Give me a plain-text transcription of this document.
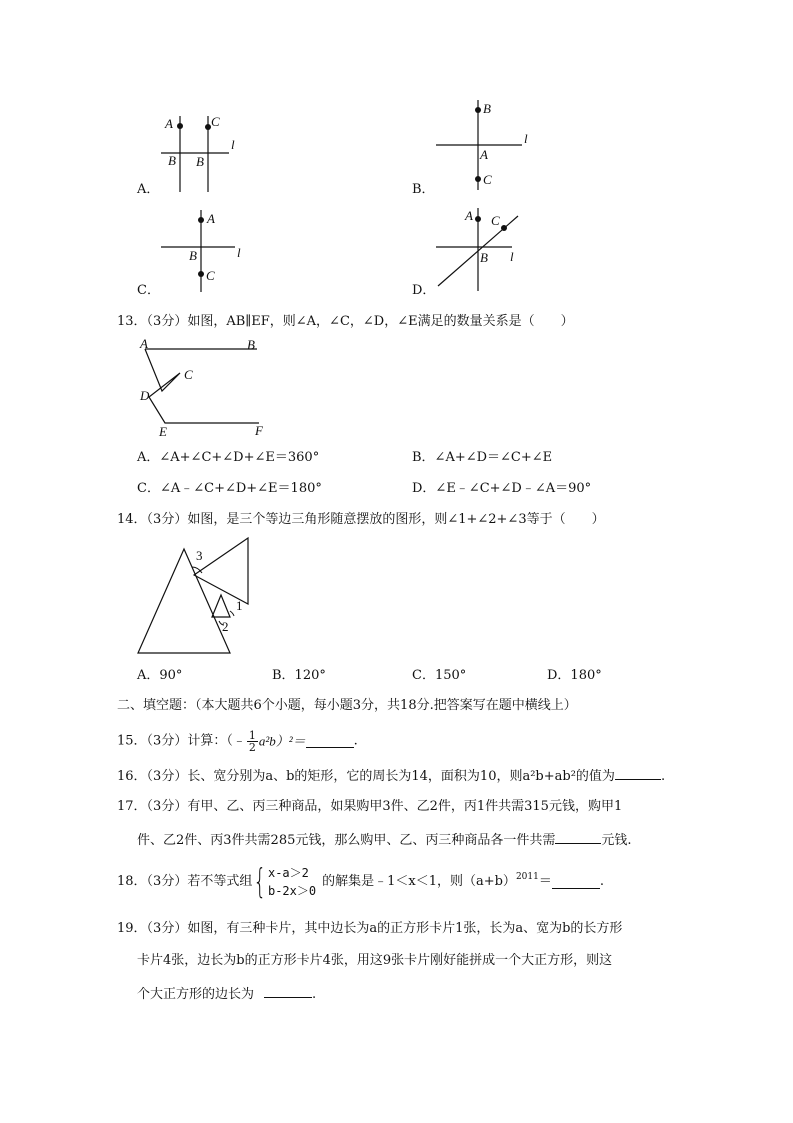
A	C
B B
l
A．
B
l
A
C
B．
A
B	l
C
C．
A C
B l
D．
13．（3分）如图，AB∥EF，则∠A，∠C，∠D，∠E满足的数量关系是（　　）
A	B
C
D
E	F
A．∠A+∠C+∠D+∠E＝360°	B．∠A+∠D＝∠C+∠E
C．∠A﹣∠C+∠D+∠E＝180°	D．∠E﹣∠C+∠D﹣∠A＝90°
14．（3分）如图，是三个等边三角形随意摆放的图形，则∠1+∠2+∠3等于（　　）
3
1
2
A．90°	B．120°	C．150°	D．180°
二、填空题：（本大题共6个小题，每小题3分，共18分.把答案写在题中横线上）
15．（3分）计算：（﹣ $\frac{1}{2} a^2b)^2=$	.
16．（3分）长、宽分别为a、b的矩形，它的周长为14，面积为10，则a²b+ab²的值为	.
17．（3分）有甲、乙、丙三种商品，如果购甲3件、乙2件，丙1件共需315元钱，购甲1
件、乙2件、丙3件共需285元钱，那么购甲、乙、丙三种商品各一件共需	元钱.
18．（3分）若不等式组 { x-a＞2
b-2x＞0
的解集是﹣1＜x＜1，则$(a+b)^{2011}$ ＝	.
19．（3分）如图，有三种卡片，其中边长为a的正方形卡片1张，长为a、宽为b的长方形
卡片4张，边长为b的正方形卡片4张，用这9张卡片刚好能拼成一个大正方形，则这
个大正方形的边长为	.
